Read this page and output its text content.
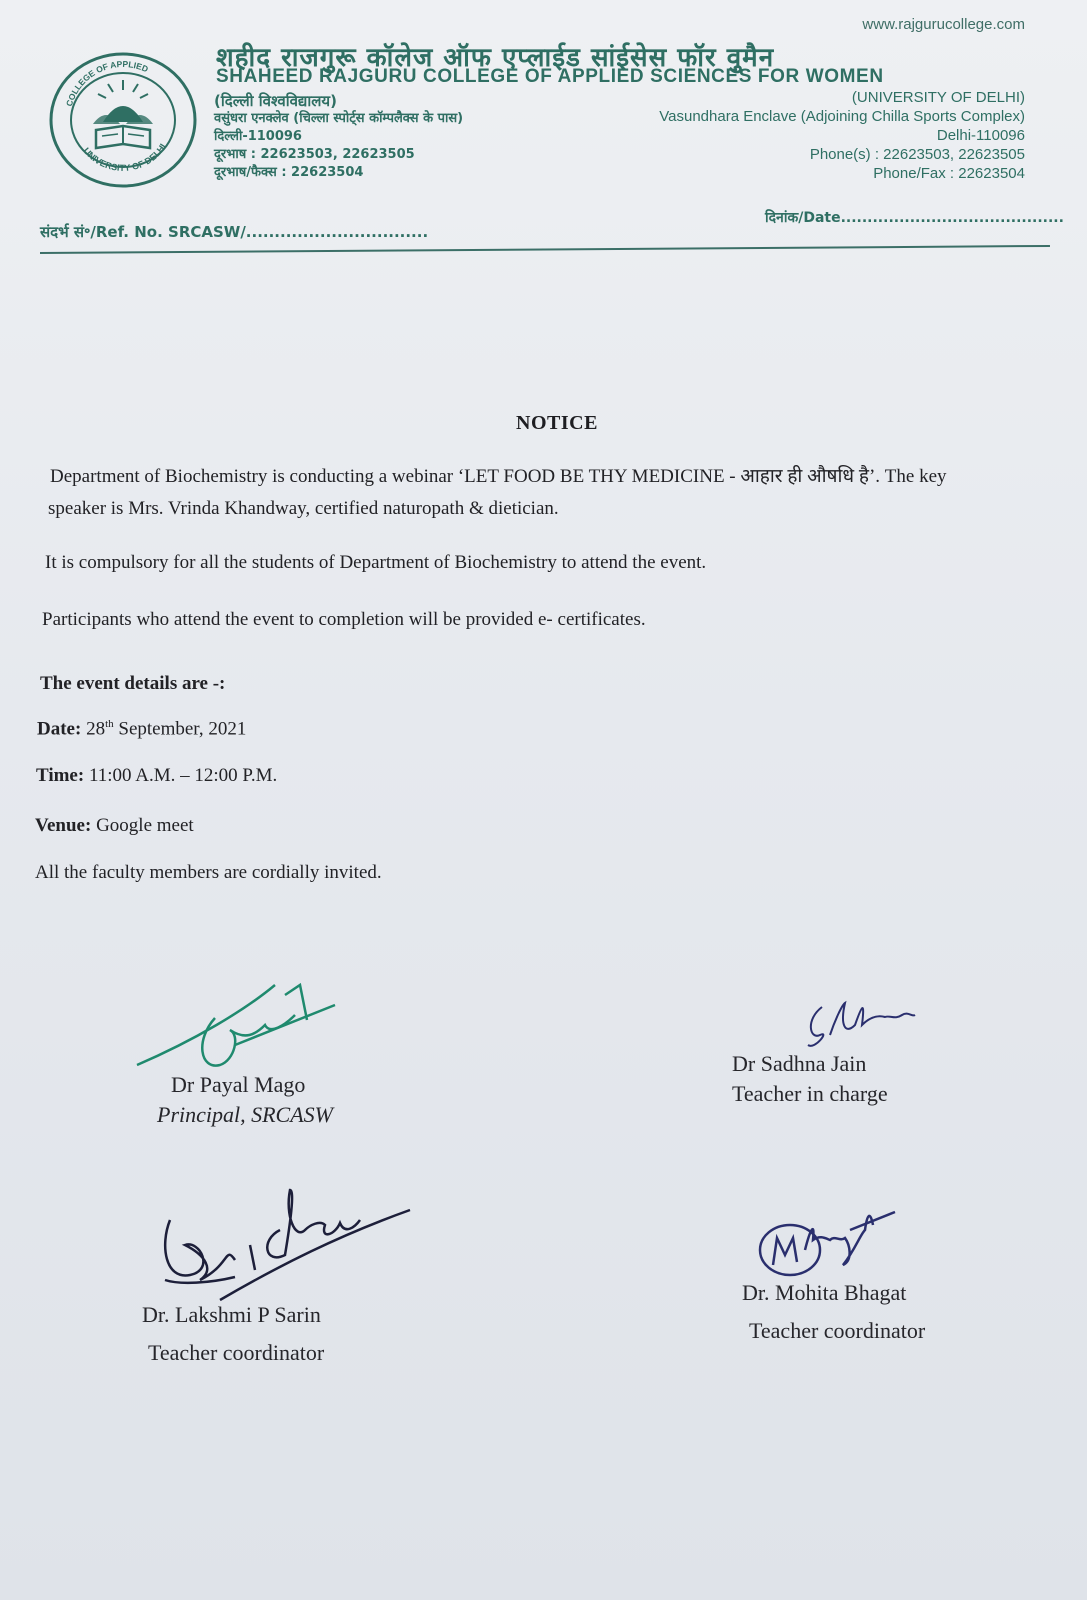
COLLEGE OF APPLIED
UNIVERSITY OF DELHI
www.rajgurucollege.com
शहीद राजगुरू कॉलेज ऑफ एप्लाईड सांईसेस फॉर वुमैन
SHAHEED RAJGURU COLLEGE OF APPLIED SCIENCES FOR WOMEN
(दिल्ली विश्वविद्यालय)
वसुंधरा एनक्लेव (चिल्ला स्पोर्ट्स कॉम्पलैक्स के पास)
दिल्ली-110096
दूरभाष : 22623503, 22623505
दूरभाष/फैक्स : 22623504
(UNIVERSITY OF DELHI)
Vasundhara Enclave (Adjoining Chilla Sports Complex)
Delhi-110096
Phone(s) : 22623503, 22623505
Phone/Fax : 22623504
संदर्भ सं॰/Ref. No. SRCASW/................................
दिनांक/Date..........................................
NOTICE
Department of Biochemistry is conducting a webinar ‘LET FOOD BE THY MEDICINE - आहार ही औषधि है’. The key
speaker is Mrs. Vrinda Khandway, certified naturopath & dietician.
It is compulsory for all the students of Department of Biochemistry to attend the event.
Participants who attend the event to completion will be provided e- certificates.
The event details are -:
Date: 28th September, 2021
Time: 11:00 A.M. – 12:00 P.M.
Venue: Google meet
All the faculty members are cordially invited.
Dr Payal Mago
Principal, SRCASW
Dr Sadhna Jain
Teacher in charge
Dr. Lakshmi P Sarin
Teacher coordinator
Dr. Mohita Bhagat
Teacher coordinator
